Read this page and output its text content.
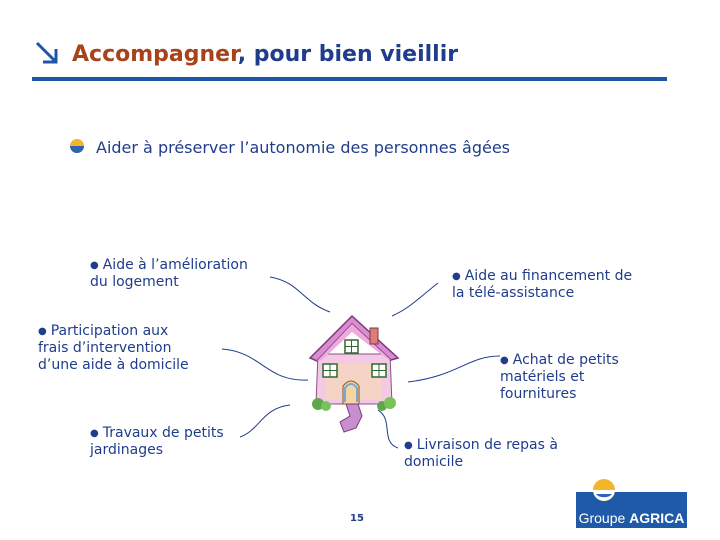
Accompagner, pour bien vieillir
Aider à préserver l’autonomie des personnes âgées
● Aide à l’amélioration
du logement	● Aide au financement de
la télé-assistance
● Participation aux
frais d’intervention
d’une aide à domicile	● Achat de petits
matériels et
fournitures
● Travaux de petits
jardinages	● Livraison de repas à
domicile
15	Groupe AGRICA
